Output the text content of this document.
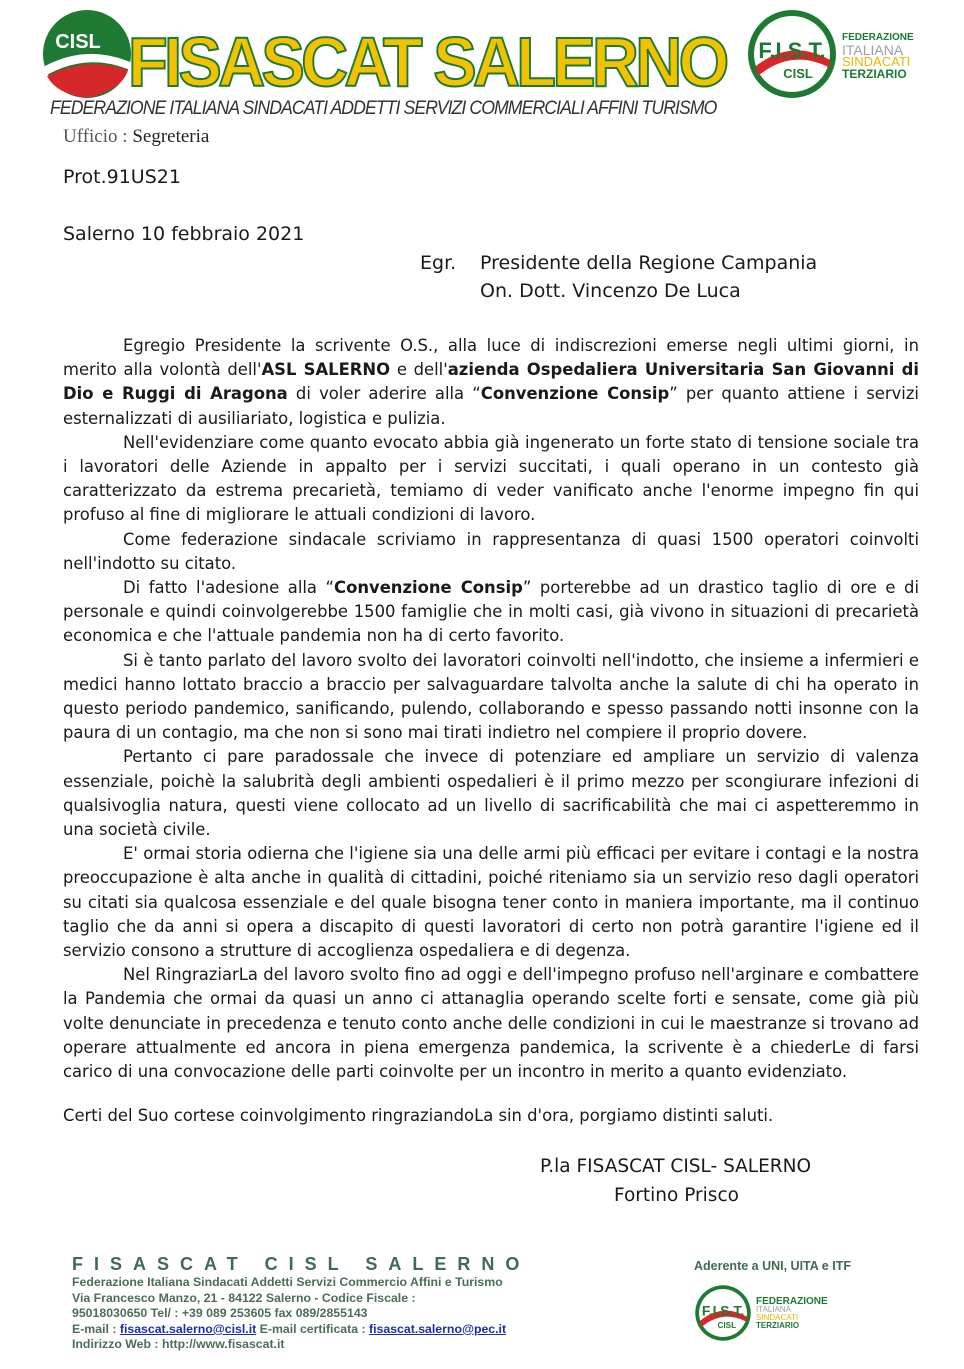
CISL FISASCAT SALERNO
FEDERAZIONE ITALIANA SINDACATI ADDETTI SERVIZI COMMERCIALI AFFINI TURISMO
F.I.S.T.
CISL
FEDERAZIONE
ITALIANA
SINDACATI
TERZIARIO
Ufficio : Segreteria
Prot.91US21
Salerno 10 febbraio 2021
Egr. Presidente della Regione Campania
On. Dott. Vincenzo De Luca

Egregio Presidente la scrivente O.S., alla luce di indiscrezioni emerse negli ultimi giorni, in merito alla volontà dell'ASL SALERNO e dell'azienda Ospedaliera Universitaria San Giovanni di Dio e Ruggi di Aragona di voler aderire alla “Convenzione Consip” per quanto attiene i servizi esternalizzati di ausiliariato, logistica e pulizia.

Nell'evidenziare come quanto evocato abbia già ingenerato un forte stato di tensione sociale tra i lavoratori delle Aziende in appalto per i servizi succitati, i quali operano in un contesto già caratterizzato da estrema precarietà, temiamo di veder vanificato anche l'enorme impegno fin qui profuso al fine di migliorare le attuali condizioni di lavoro.

Come federazione sindacale scriviamo in rappresentanza di quasi 1500 operatori coinvolti nell'indotto su citato.

Di fatto l'adesione alla “Convenzione Consip” porterebbe ad un drastico taglio di ore e di personale e quindi coinvolgerebbe 1500 famiglie che in molti casi, già vivono in situazioni di precarietà economica e che l'attuale pandemia non ha di certo favorito.

Si è tanto parlato del lavoro svolto dei lavoratori coinvolti nell'indotto, che insieme a infermieri e medici hanno lottato braccio a braccio per salvaguardare talvolta anche la salute di chi ha operato in questo periodo pandemico, sanificando, pulendo, collaborando e spesso passando notti insonne con la paura di un contagio, ma che non si sono mai tirati indietro nel compiere il proprio dovere.

Pertanto ci pare paradossale che invece di potenziare ed ampliare un servizio di valenza essenziale, poichè la salubrità degli ambienti ospedalieri è il primo mezzo per scongiurare infezioni di qualsivoglia natura, questi viene collocato ad un livello di sacrificabilità che mai ci aspetteremmo in una società civile.

E' ormai storia odierna che l'igiene sia una delle armi più efficaci per evitare i contagi e la nostra preoccupazione è alta anche in qualità di cittadini, poiché riteniamo sia un servizio reso dagli operatori su citati sia qualcosa essenziale e del quale bisogna tener conto in maniera importante, ma il continuo taglio che da anni si opera a discapito di questi lavoratori di certo non potrà garantire l'igiene ed il servizio consono a strutture di accoglienza ospedaliera e di degenza.

Nel RingraziarLa del lavoro svolto fino ad oggi e dell'impegno profuso nell'arginare e combattere la Pandemia che ormai da quasi un anno ci attanaglia operando scelte forti e sensate, come già più volte denunciate in precedenza e tenuto conto anche delle condizioni in cui le maestranze si trovano ad operare attualmente ed ancora in piena emergenza pandemica, la scrivente è a chiederLe di farsi carico di una convocazione delle parti coinvolte per un incontro in merito a quanto evidenziato.

Certi del Suo cortese coinvolgimento ringraziandoLa sin d'ora, porgiamo distinti saluti.
P.la FISASCAT CISL- SALERNO
Fortino Prisco
FISASCAT CISL SALERNO
Federazione Italiana Sindacati Addetti Servizi Commercio Affini e Turismo
Via Francesco Manzo, 21 - 84122 Salerno - Codice Fiscale :
95018030650 Tel/ : +39 089 253605 fax 089/2855143
E-mail : fisascat.salerno@cisl.it E-mail certificata : fisascat.salerno@pec.it
Indirizzo Web : http://www.fisascat.it
Aderente a UNI, UITA e ITF
F.I.S.T.
CISL
FEDERAZIONE
ITALIANA
SINDACATI
TERZIARIO
